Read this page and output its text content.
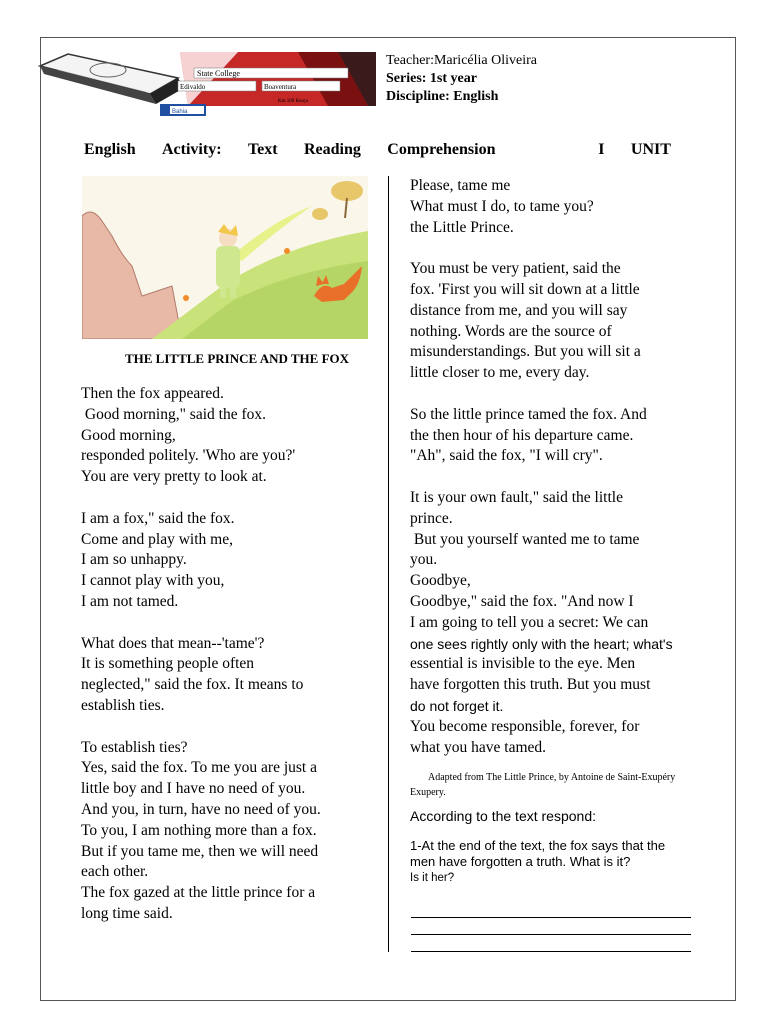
State College
Edivaldo	Boaventura
Km 100 Boaçu
Bahia
Teacher:Maricélia Oliveira
Series: 1st year
Discipline: English
English Activity: Text Reading Comprehension	I UNIT
THE LITTLE PRINCE AND THE FOX
Then the fox appeared.
Good morning," said the fox.
Good morning,
responded politely. 'Who are you?'
You are very pretty to look at.
I am a fox," said the fox.
Come and play with me,
I am so unhappy.
I cannot play with you,
I am not tamed.
What does that mean--'tame'?
It is something people often
neglected," said the fox. It means to
establish ties.
To establish ties?
Yes, said the fox. To me you are just a
little boy and I have no need of you.
And you, in turn, have no need of you.
To you, I am nothing more than a fox.
But if you tame me, then we will need
each other.
The fox gazed at the little prince for a
long time said.
Please, tame me
What must I do, to tame you?
the Little Prince.
You must be very patient, said the
fox. 'First you will sit down at a little
distance from me, and you will say
nothing. Words are the source of
misunderstandings. But you will sit a
little closer to me, every day.
So the little prince tamed the fox. And
the then hour of his departure came.
"Ah", said the fox, "I will cry".
It is your own fault," said the little
prince.
But you yourself wanted me to tame
you.
Goodbye,
Goodbye," said the fox. "And now I
I am going to tell you a secret: We can
one sees rightly only with the heart; what's
essential is invisible to the eye. Men
have forgotten this truth. But you must
do not forget it.
You become responsible, forever, for
what you have tamed.
Adapted from The Little Prince, by Antoine de Saint-Exupéry
Exupery.
According to the text respond:
1-At the end of the text, the fox says that the
men have forgotten a truth. What is it?
Is it her?
